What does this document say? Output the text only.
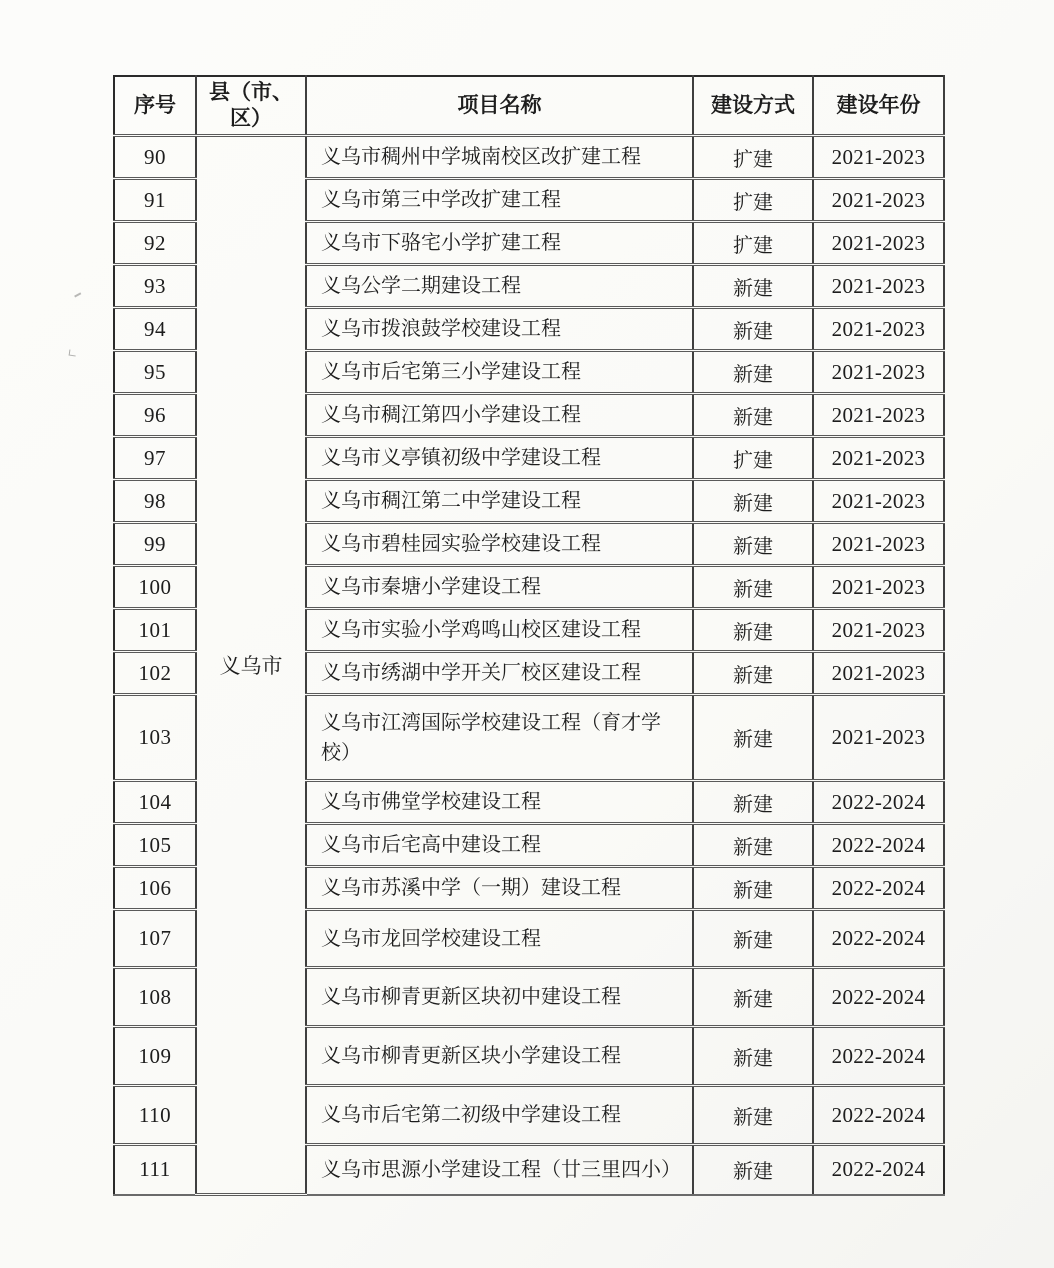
序号	县（市、区）	项目名称	建设方式	建设年份
90	义乌市	义乌市稠州中学城南校区改扩建工程	扩建	2021-2023
91		义乌市第三中学改扩建工程	扩建	2021-2023
92		义乌市下骆宅小学扩建工程	扩建	2021-2023
93		义乌公学二期建设工程	新建	2021-2023
94		义乌市拨浪鼓学校建设工程	新建	2021-2023
95		义乌市后宅第三小学建设工程	新建	2021-2023
96		义乌市稠江第四小学建设工程	新建	2021-2023
97		义乌市义亭镇初级中学建设工程	扩建	2021-2023
98		义乌市稠江第二中学建设工程	新建	2021-2023
99		义乌市碧桂园实验学校建设工程	新建	2021-2023
100		义乌市秦塘小学建设工程	新建	2021-2023
101		义乌市实验小学鸡鸣山校区建设工程	新建	2021-2023
102		义乌市绣湖中学开关厂校区建设工程	新建	2021-2023
103		义乌市江湾国际学校建设工程（育才学校）	新建	2021-2023
104		义乌市佛堂学校建设工程	新建	2022-2024
105		义乌市后宅高中建设工程	新建	2022-2024
106		义乌市苏溪中学（一期）建设工程	新建	2022-2024
107		义乌市龙回学校建设工程	新建	2022-2024
108		义乌市柳青更新区块初中建设工程	新建	2022-2024
109		义乌市柳青更新区块小学建设工程	新建	2022-2024
110		义乌市后宅第二初级中学建设工程	新建	2022-2024
111		义乌市思源小学建设工程（廿三里四小）	新建	2022-2024
